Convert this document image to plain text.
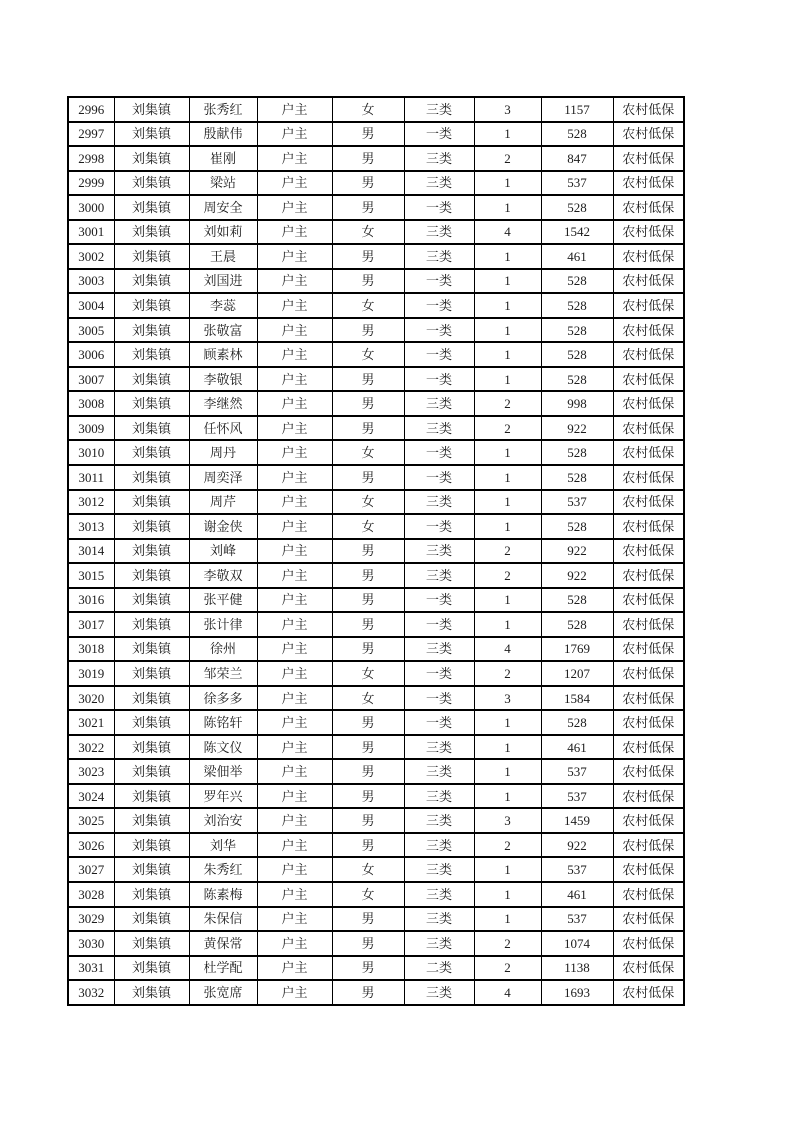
2996	刘集镇	张秀红	户主	女	三类	3	1157	农村低保
2997	刘集镇	殷献伟	户主	男	一类	1	528	农村低保
2998	刘集镇	崔刚	户主	男	三类	2	847	农村低保
2999	刘集镇	梁站	户主	男	三类	1	537	农村低保
3000	刘集镇	周安全	户主	男	一类	1	528	农村低保
3001	刘集镇	刘如莉	户主	女	三类	4	1542	农村低保
3002	刘集镇	王晨	户主	男	三类	1	461	农村低保
3003	刘集镇	刘国进	户主	男	一类	1	528	农村低保
3004	刘集镇	李蕊	户主	女	一类	1	528	农村低保
3005	刘集镇	张敬富	户主	男	一类	1	528	农村低保
3006	刘集镇	顾素林	户主	女	一类	1	528	农村低保
3007	刘集镇	李敬银	户主	男	一类	1	528	农村低保
3008	刘集镇	李继然	户主	男	三类	2	998	农村低保
3009	刘集镇	任怀风	户主	男	三类	2	922	农村低保
3010	刘集镇	周丹	户主	女	一类	1	528	农村低保
3011	刘集镇	周奕泽	户主	男	一类	1	528	农村低保
3012	刘集镇	周芹	户主	女	三类	1	537	农村低保
3013	刘集镇	谢金侠	户主	女	一类	1	528	农村低保
3014	刘集镇	刘峰	户主	男	三类	2	922	农村低保
3015	刘集镇	李敬双	户主	男	三类	2	922	农村低保
3016	刘集镇	张平健	户主	男	一类	1	528	农村低保
3017	刘集镇	张计律	户主	男	一类	1	528	农村低保
3018	刘集镇	徐州	户主	男	三类	4	1769	农村低保
3019	刘集镇	邹荣兰	户主	女	一类	2	1207	农村低保
3020	刘集镇	徐多多	户主	女	一类	3	1584	农村低保
3021	刘集镇	陈铭轩	户主	男	一类	1	528	农村低保
3022	刘集镇	陈文仪	户主	男	三类	1	461	农村低保
3023	刘集镇	梁佃举	户主	男	三类	1	537	农村低保
3024	刘集镇	罗年兴	户主	男	三类	1	537	农村低保
3025	刘集镇	刘治安	户主	男	三类	3	1459	农村低保
3026	刘集镇	刘华	户主	男	三类	2	922	农村低保
3027	刘集镇	朱秀红	户主	女	三类	1	537	农村低保
3028	刘集镇	陈素梅	户主	女	三类	1	461	农村低保
3029	刘集镇	朱保信	户主	男	三类	1	537	农村低保
3030	刘集镇	黄保常	户主	男	三类	2	1074	农村低保
3031	刘集镇	杜学配	户主	男	二类	2	1138	农村低保
3032	刘集镇	张宽席	户主	男	三类	4	1693	农村低保
